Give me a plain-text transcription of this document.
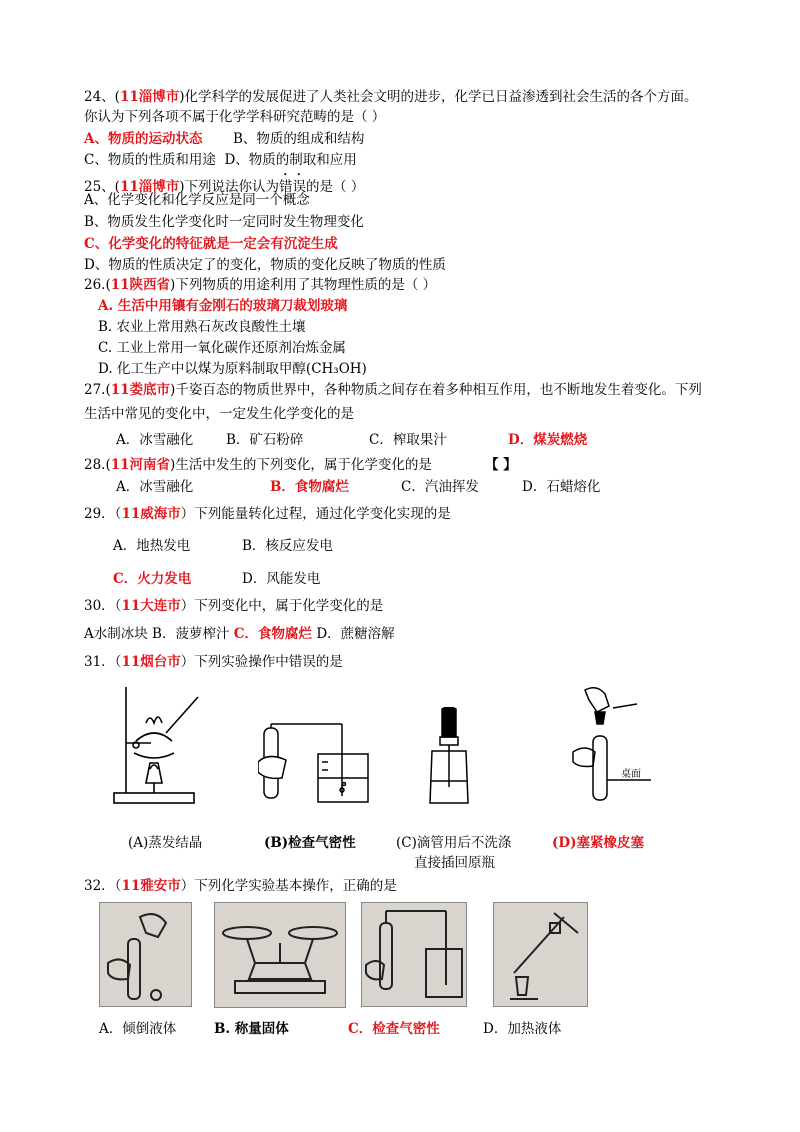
24、(11淄博市)化学科学的发展促进了人类社会文明的进步，化学已日益渗透到社会生活的各个方面。
你认为下列各项不属于化学学科研究范畴的是（ ）
A、物质的运动状态 B、物质的组成和结构
C、物质的性质和用途 D、物质的制取和应用
25、(11淄博市)下列说法你认为错误的是（ ）
A、化学变化和化学反应是同一个概念
B、物质发生化学变化时一定同时发生物理变化
C、化学变化的特征就是一定会有沉淀生成
D、物质的性质决定了的变化，物质的变化反映了物质的性质
26.(11陕西省)下列物质的用途利用了其物理性质的是（ ）
A. 生活中用镶有金刚石的玻璃刀裁划玻璃
B. 农业上常用熟石灰改良酸性土壤
C. 工业上常用一氧化碳作还原剂冶炼金属
D. 化工生产中以煤为原料制取甲醇(CH₃OH)
27.(11娄底市)千姿百态的物质世界中，各种物质之间存在着多种相互作用，也不断地发生着变化。下列
生活中常见的变化中，一定发生化学变化的是
A．冰雪融化 B．矿石粉碎	C．榨取果汁	D．煤炭燃烧
28.(11河南省)生活中发生的下列变化，属于化学变化的是	【 】
A．冰雪融化	B．食物腐烂	C．汽油挥发	D．石蜡熔化
29．（11威海市）下列能量转化过程，通过化学变化实现的是
A．地热发电	B．核反应发电
C．火力发电	D．风能发电
30．（11大连市）下列变化中，属于化学变化的是
A水制冰块 B．菠萝榨汁 C．食物腐烂 D．蔗糖溶解
31．（11烟台市）下列实验操作中错误的是
桌面
(A)蒸发结晶	(B)检查气密性	(C)滴管用后不洗涤
直接插回原瓶
(D)塞紧橡皮塞
32．（11雅安市）下列化学实验基本操作，正确的是
A．倾倒液体	B. 称量固体	C．检查气密性	D．加热液体
